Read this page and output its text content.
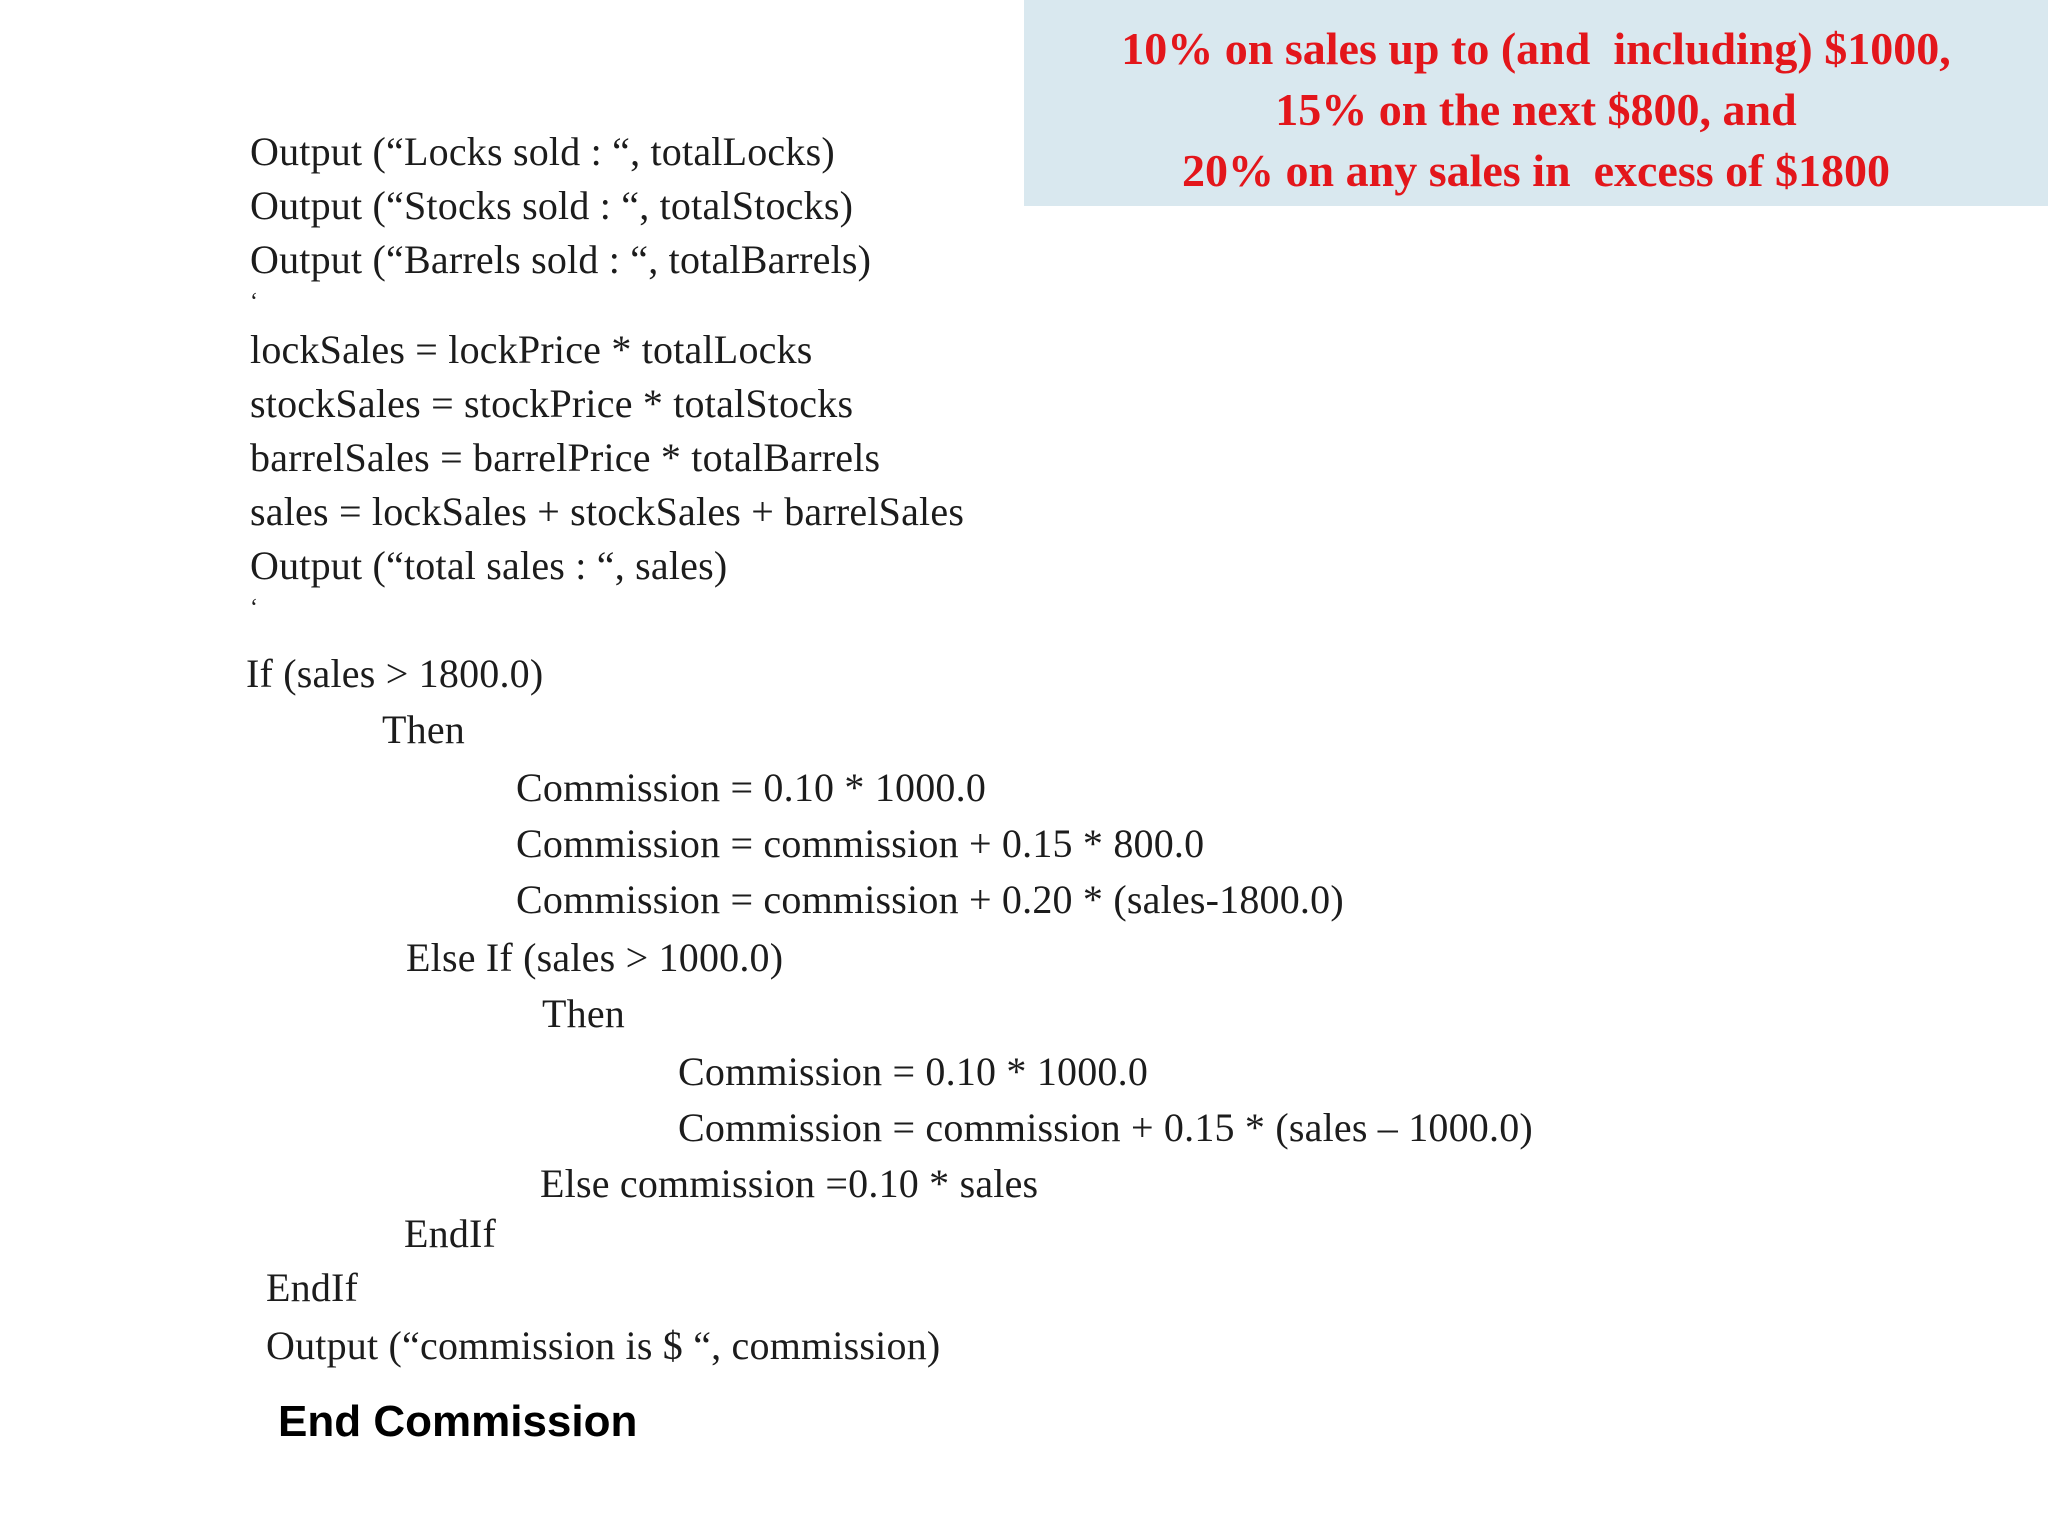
10% on sales up to (and  including) $1000,
15% on the next $800, and
20% on any sales in  excess of $1800
Output (“Locks sold : “, totalLocks)
Output (“Stocks sold : “, totalStocks)
Output (“Barrels sold : “, totalBarrels)
‘
lockSales = lockPrice * totalLocks
stockSales = stockPrice * totalStocks
barrelSales = barrelPrice * totalBarrels
sales = lockSales + stockSales + barrelSales
Output (“total sales : “, sales)
‘
If (sales > 1800.0)
Then
Commission = 0.10 * 1000.0
Commission = commission + 0.15 * 800.0
Commission = commission + 0.20 * (sales-1800.0)
Else If (sales > 1000.0)
Then
Commission = 0.10 * 1000.0
Commission = commission + 0.15 * (sales – 1000.0)
Else commission =0.10 * sales
EndIf
EndIf
Output (“commission is $ “, commission)
End Commission
